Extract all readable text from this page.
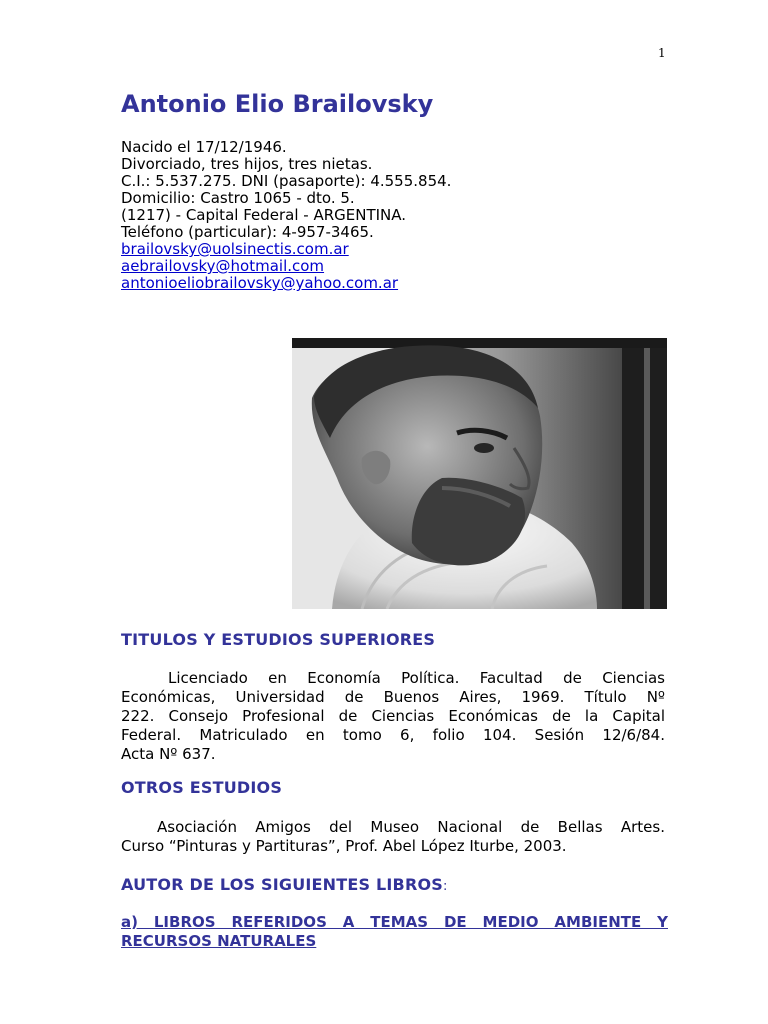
1
Antonio Elio Brailovsky
Nacido el 17/12/1946.
Divorciado, tres hijos, tres nietas.
C.I.: 5.537.275. DNI (pasaporte): 4.555.854.
Domicilio: Castro 1065 - dto. 5.
(1217) - Capital Federal - ARGENTINA.
Teléfono (particular): 4-957-3465.
brailovsky@uolsinectis.com.ar
aebrailovsky@hotmail.com
antonioeliobrailovsky@yahoo.com.ar
TITULOS Y ESTUDIOS SUPERIORES
Licenciado en Economía Política. Facultad de Ciencias
Económicas, Universidad de Buenos Aires, 1969. Título Nº
222. Consejo Profesional de Ciencias Económicas de la Capital
Federal. Matriculado en tomo 6, folio 104. Sesión 12/6/84.
Acta Nº 637.
OTROS ESTUDIOS
Asociación Amigos del Museo Nacional de Bellas Artes.
Curso “Pinturas y Partituras”, Prof. Abel López Iturbe, 2003.
AUTOR DE LOS SIGUIENTES LIBROS:
a) LIBROS REFERIDOS A TEMAS DE MEDIO AMBIENTE Y
RECURSOS NATURALES
